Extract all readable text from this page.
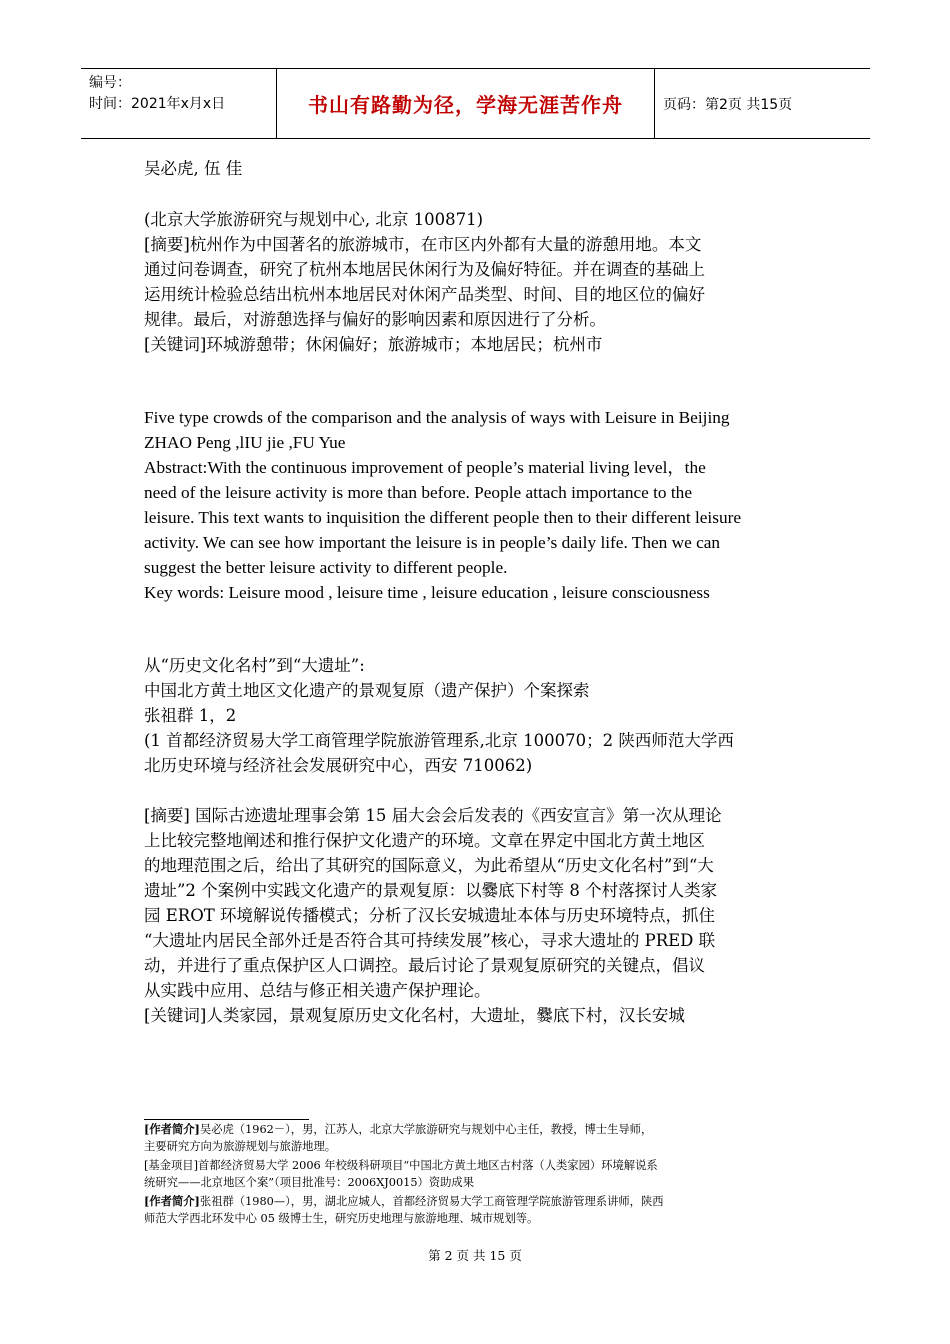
编号：
时间：2021年x月x日	书山有路勤为径，学海无涯苦作舟	页码：第2页 共15页
吴必虎, 伍 佳
(北京大学旅游研究与规划中心, 北京 100871)
[摘要]杭州作为中国著名的旅游城市，在市区内外都有大量的游憩用地。本文
通过问卷调查，研究了杭州本地居民休闲行为及偏好特征。并在调查的基础上
运用统计检验总结出杭州本地居民对休闲产品类型、时间、目的地区位的偏好
规律。最后，对游憩选择与偏好的影响因素和原因进行了分析。
[关键词]环城游憩带；休闲偏好；旅游城市；本地居民；杭州市
Five type crowds of the comparison and the analysis of ways with Leisure in Beijing
ZHAO Peng ,lIU jie ,FU Yue
Abstract:With the continuous improvement of people’s material living level，the
need of the leisure activity is more than before. People attach importance to the
leisure. This text wants to inquisition the different people then to their different leisure
activity. We can see how important the leisure is in people’s daily life. Then we can
suggest the better leisure activity to different people.
Key words: Leisure mood , leisure time , leisure education , leisure consciousness
从“历史文化名村”到“大遗址”:
中国北方黄土地区文化遗产的景观复原（遗产保护）个案探索
张祖群 1，2
(1 首都经济贸易大学工商管理学院旅游管理系,北京 100070；2 陕西师范大学西
北历史环境与经济社会发展研究中心，西安 710062)
[摘要] 国际古迹遗址理事会第 15 届大会会后发表的《西安宣言》第一次从理论
上比较完整地阐述和推行保护文化遗产的环境。文章在界定中国北方黄土地区
的地理范围之后，给出了其研究的国际意义，为此希望从“历史文化名村”到“大
遗址”2 个案例中实践文化遗产的景观复原：以爨底下村等 8 个村落探讨人类家
园 EROT 环境解说传播模式；分析了汉长安城遗址本体与历史环境特点，抓住
“大遗址内居民全部外迁是否符合其可持续发展”核心，寻求大遗址的 PRED 联
动，并进行了重点保护区人口调控。最后讨论了景观复原研究的关键点，倡议
从实践中应用、总结与修正相关遗产保护理论。
[关键词]人类家园，景观复原历史文化名村，大遗址，爨底下村，汉长安城
[作者简介]吴必虎（1962－），男，江苏人，北京大学旅游研究与规划中心主任，教授，博士生导师，
主要研究方向为旅游规划与旅游地理。
[基金项目]首都经济贸易大学 2006 年校级科研项目“中国北方黄土地区古村落（人类家园）环境解说系
统研究——北京地区个案”（项目批准号：2006XJ0015）资助成果
[作者简介]张祖群（1980—），男，湖北应城人，首都经济贸易大学工商管理学院旅游管理系讲师，陕西
师范大学西北环发中心 05 级博士生，研究历史地理与旅游地理、城市规划等。
第 2 页 共 15 页
